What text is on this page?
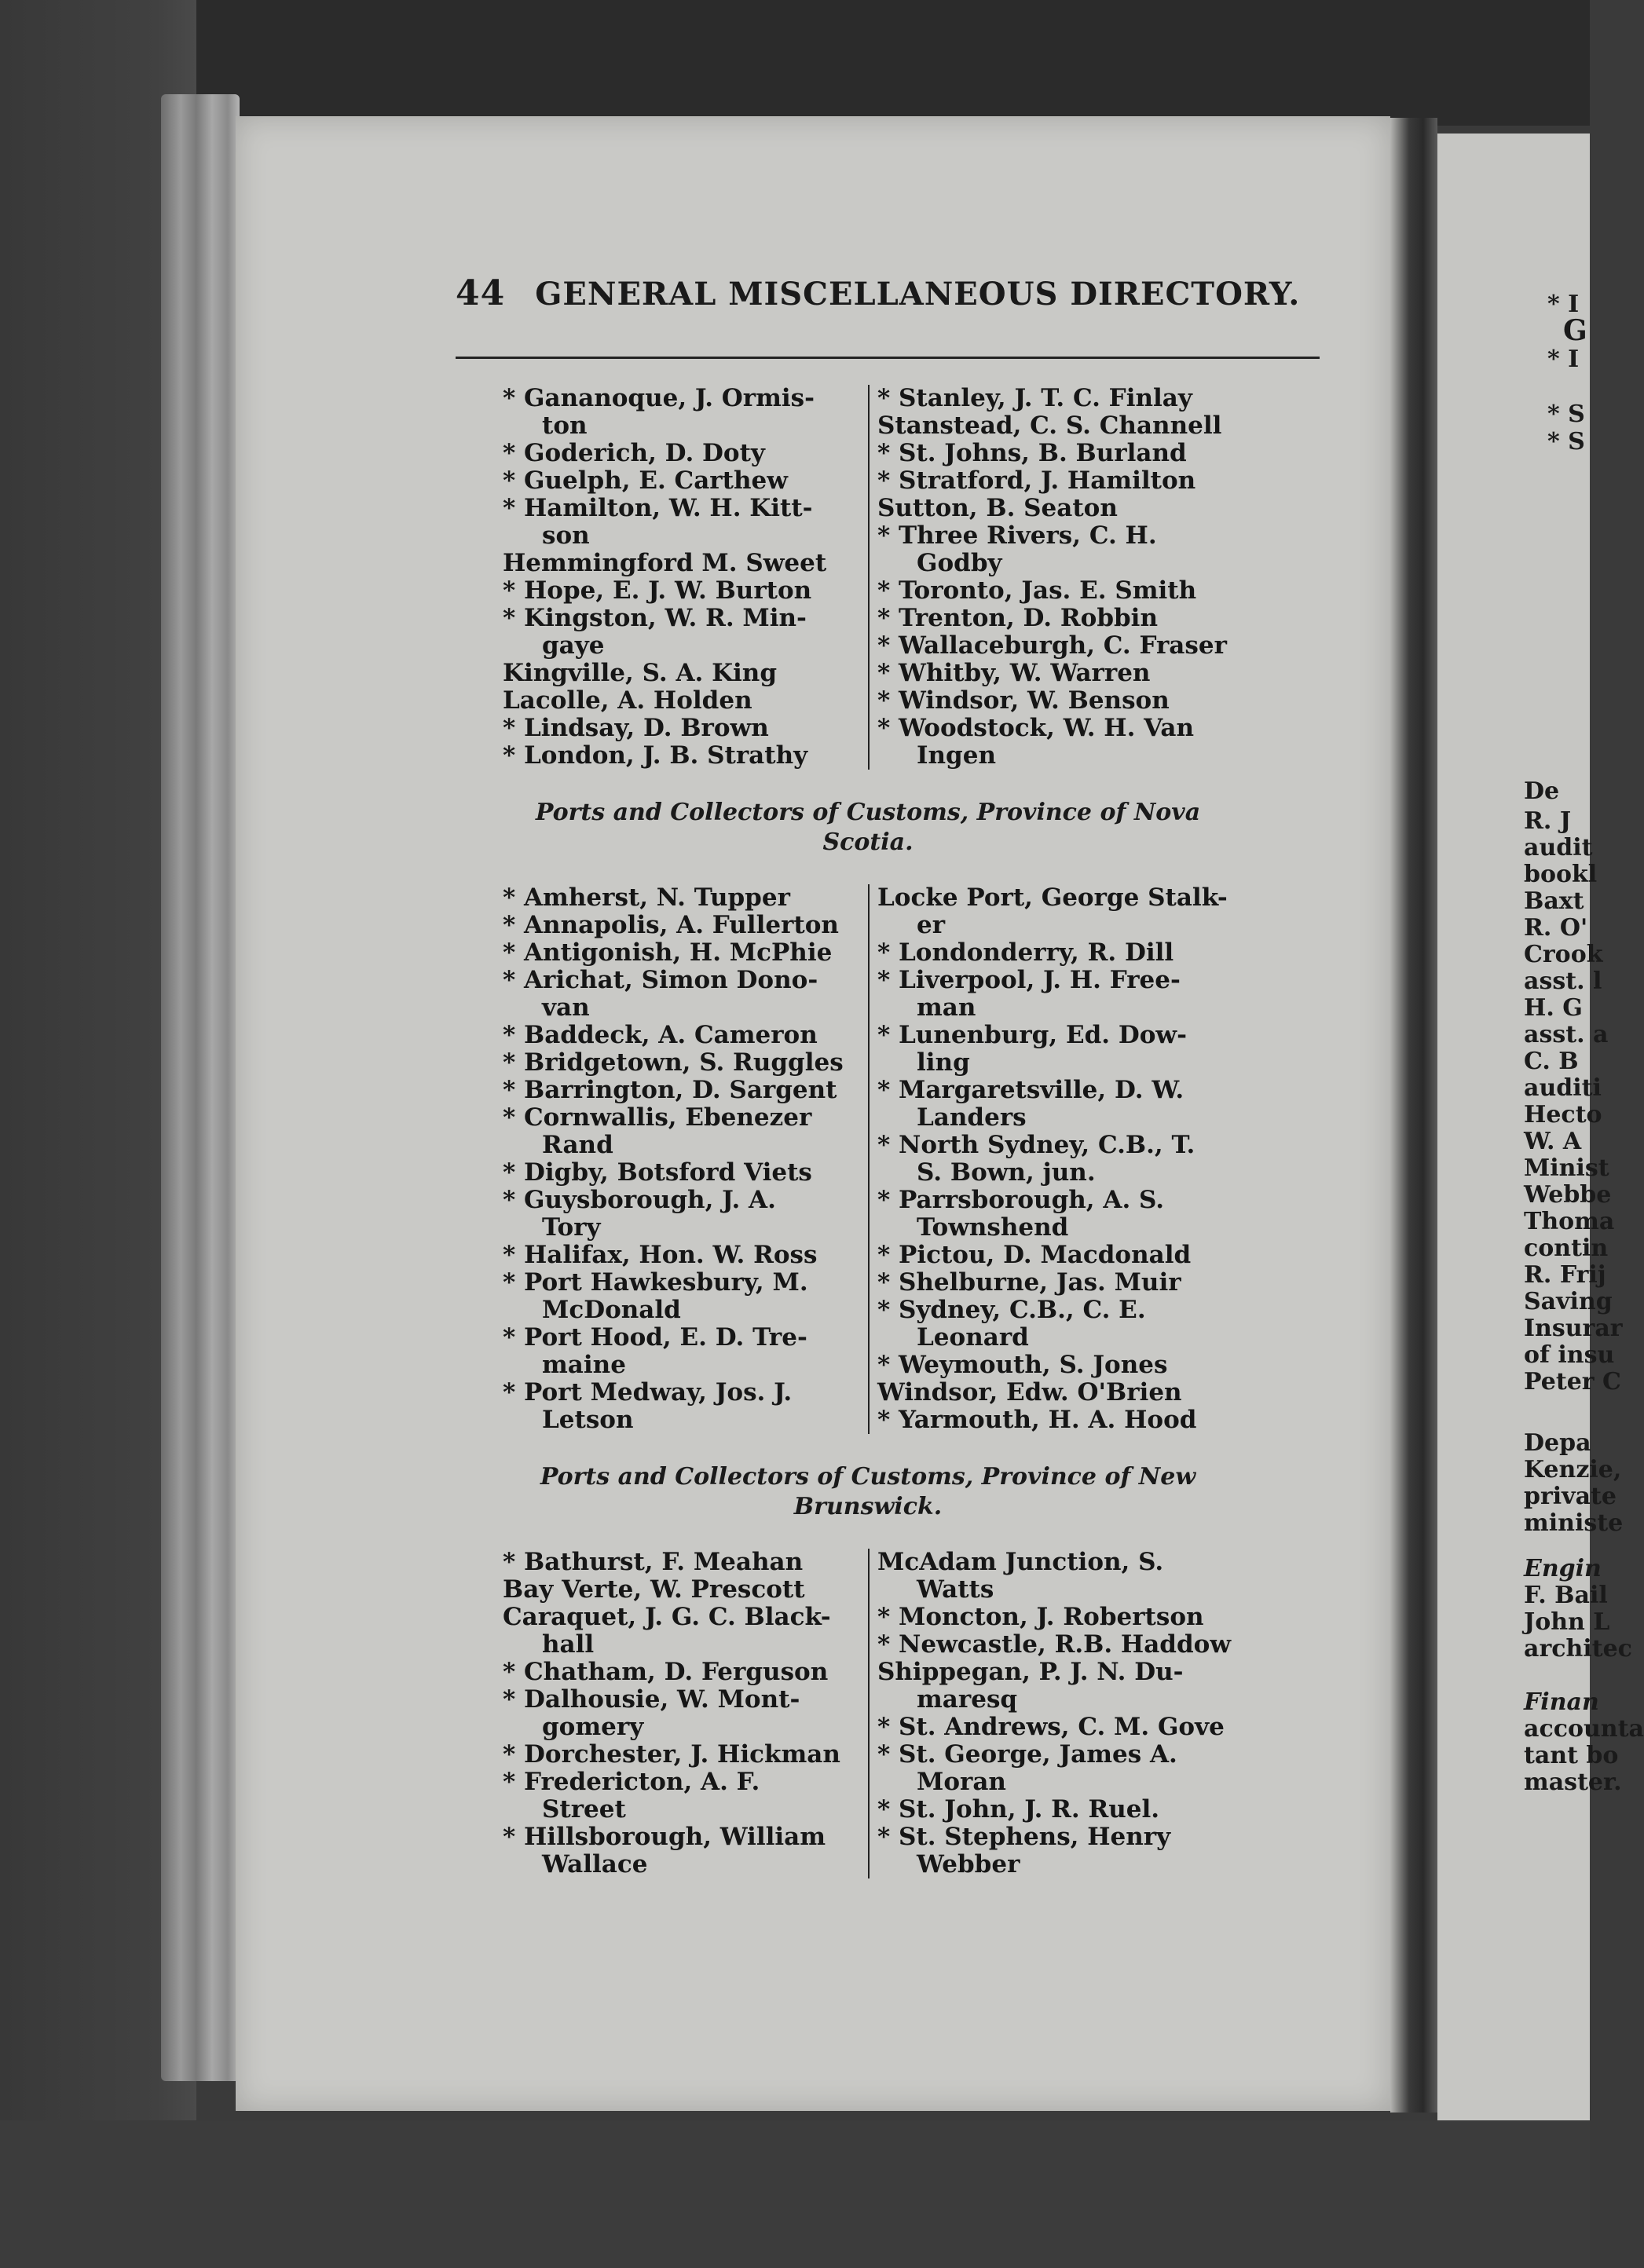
G
* I
* I
* S
* S
De
R. J
audit
bookl
Baxt
R. O'
Crook
asst. l
H. G
asst. a
C. B
auditi
Hecto
W. A
Minist
Webbe
Thoma
contin
R. Frij
Saving
Insurar
of insu
Peter C
Depa
Kenzie,
private
ministe
Engin
F. Bail
John L
architec
Finan
accounta
tant bo
master.
44 GENERAL MISCELLANEOUS DIRECTORY.
* Gananoque, J. Ormis-
ton
* Goderich, D. Doty
* Guelph, E. Carthew
* Hamilton, W. H. Kitt-
son
Hemmingford M. Sweet
* Hope, E. J. W. Burton
* Kingston, W. R. Min-
gaye
Kingville, S. A. King
Lacolle, A. Holden
* Lindsay, D. Brown
* London, J. B. Strathy
* Stanley, J. T. C. Finlay
Stanstead, C. S. Channell
* St. Johns, B. Burland
* Stratford, J. Hamilton
Sutton, B. Seaton
* Three Rivers, C. H.
Godby
* Toronto, Jas. E. Smith
* Trenton, D. Robbin
* Wallaceburgh, C. Fraser
* Whitby, W. Warren
* Windsor, W. Benson
* Woodstock, W. H. Van
Ingen
Ports and Collectors of Customs, Province of Nova Scotia.
* Amherst, N. Tupper
* Annapolis, A. Fullerton
* Antigonish, H. McPhie
* Arichat, Simon Dono-
van
* Baddeck, A. Cameron
* Bridgetown, S. Ruggles
* Barrington, D. Sargent
* Cornwallis, Ebenezer
Rand
* Digby, Botsford Viets
* Guysborough, J. A.
Tory
* Halifax, Hon. W. Ross
* Port Hawkesbury, M.
McDonald
* Port Hood, E. D. Tre-
maine
* Port Medway, Jos. J.
Letson
Locke Port, George Stalk-
er
* Londonderry, R. Dill
* Liverpool, J. H. Free-
man
* Lunenburg, Ed. Dow-
ling
* Margaretsville, D. W.
Landers
* North Sydney, C.B., T.
S. Bown, jun.
* Parrsborough, A. S.
Townshend
* Pictou, D. Macdonald
* Shelburne, Jas. Muir
* Sydney, C.B., C. E.
Leonard
* Weymouth, S. Jones
Windsor, Edw. O'Brien
* Yarmouth, H. A. Hood
Ports and Collectors of Customs, Province of New Brunswick.
* Bathurst, F. Meahan
Bay Verte, W. Prescott
Caraquet, J. G. C. Black-
hall
* Chatham, D. Ferguson
* Dalhousie, W. Mont-
gomery
* Dorchester, J. Hickman
* Fredericton, A. F.
Street
* Hillsborough, William
Wallace
McAdam Junction, S.
Watts
* Moncton, J. Robertson
* Newcastle, R.B. Haddow
Shippegan, P. J. N. Du-
maresq
* St. Andrews, C. M. Gove
* St. George, James A.
Moran
* St. John, J. R. Ruel.
* St. Stephens, Henry
Webber
